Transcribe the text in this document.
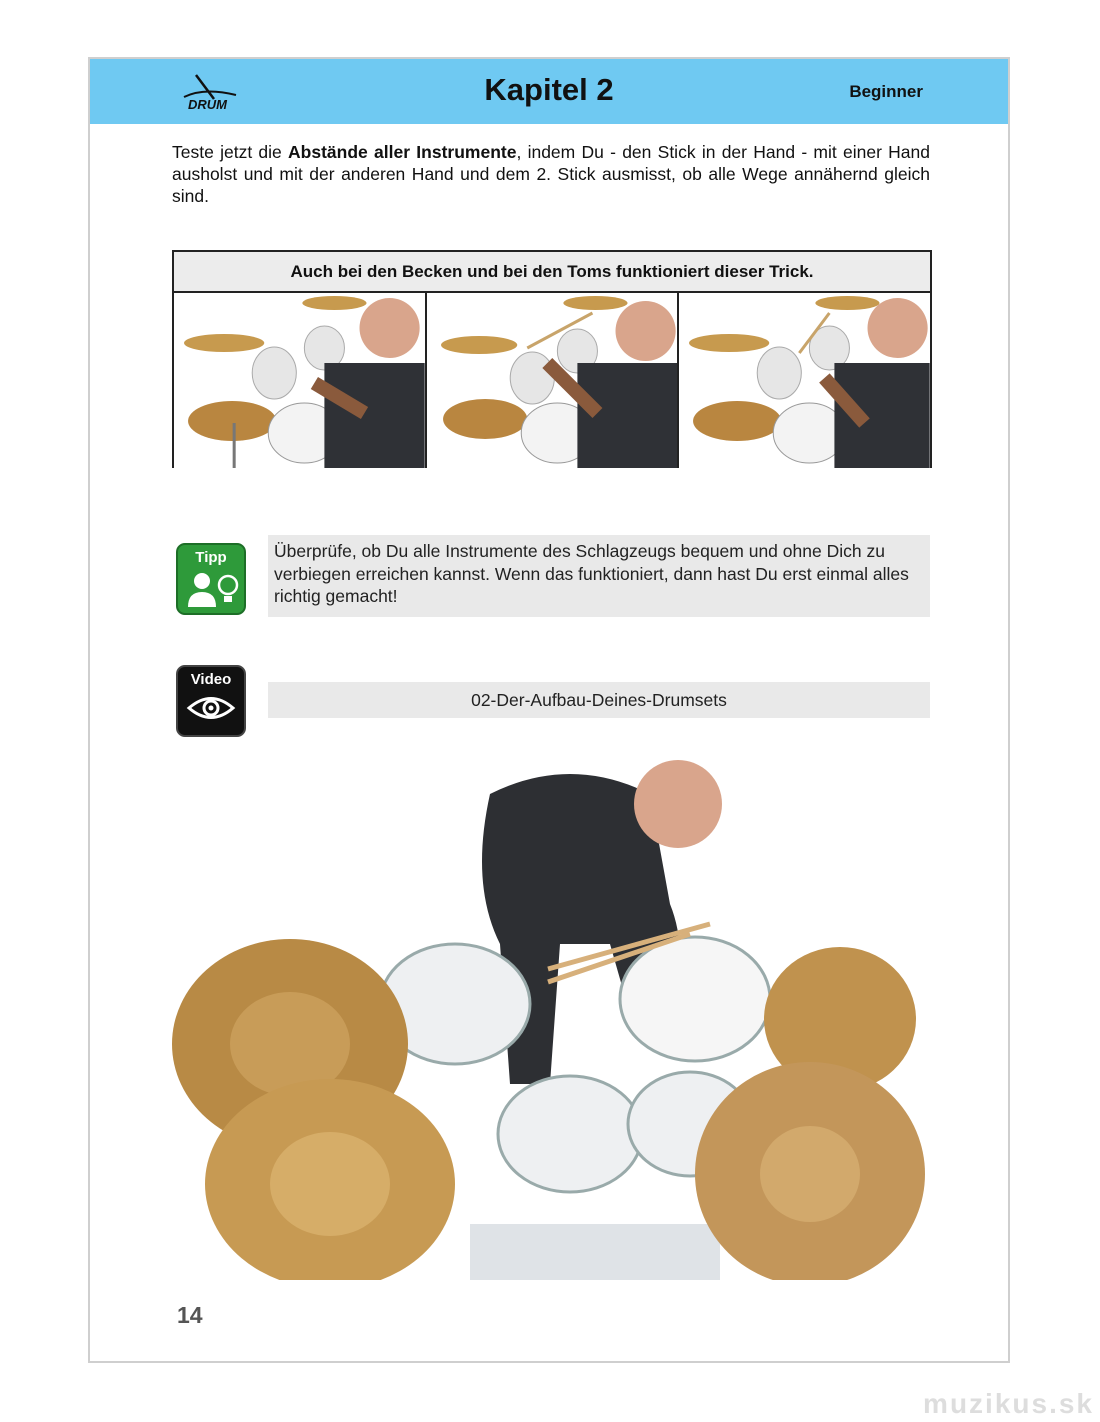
DRUM	Kapitel 2	Beginner
Teste jetzt die Abstände aller Instrumente, indem Du - den Stick in der Hand - mit einer Hand ausholst und mit der anderen Hand und dem 2. Stick ausmisst, ob alle Wege annähernd gleich sind.
Auch bei den Becken und bei den Toms funktioniert dieser Trick.
Tipp	Überprüfe, ob Du alle Instrumente des Schlagzeugs bequem und ohne Dich zu verbiegen erreichen kannst. Wenn das funktioniert, dann hast Du erst einmal alles richtig gemacht!
Video
02-Der-Aufbau-Deines-Drumsets
14
muzikus.sk
